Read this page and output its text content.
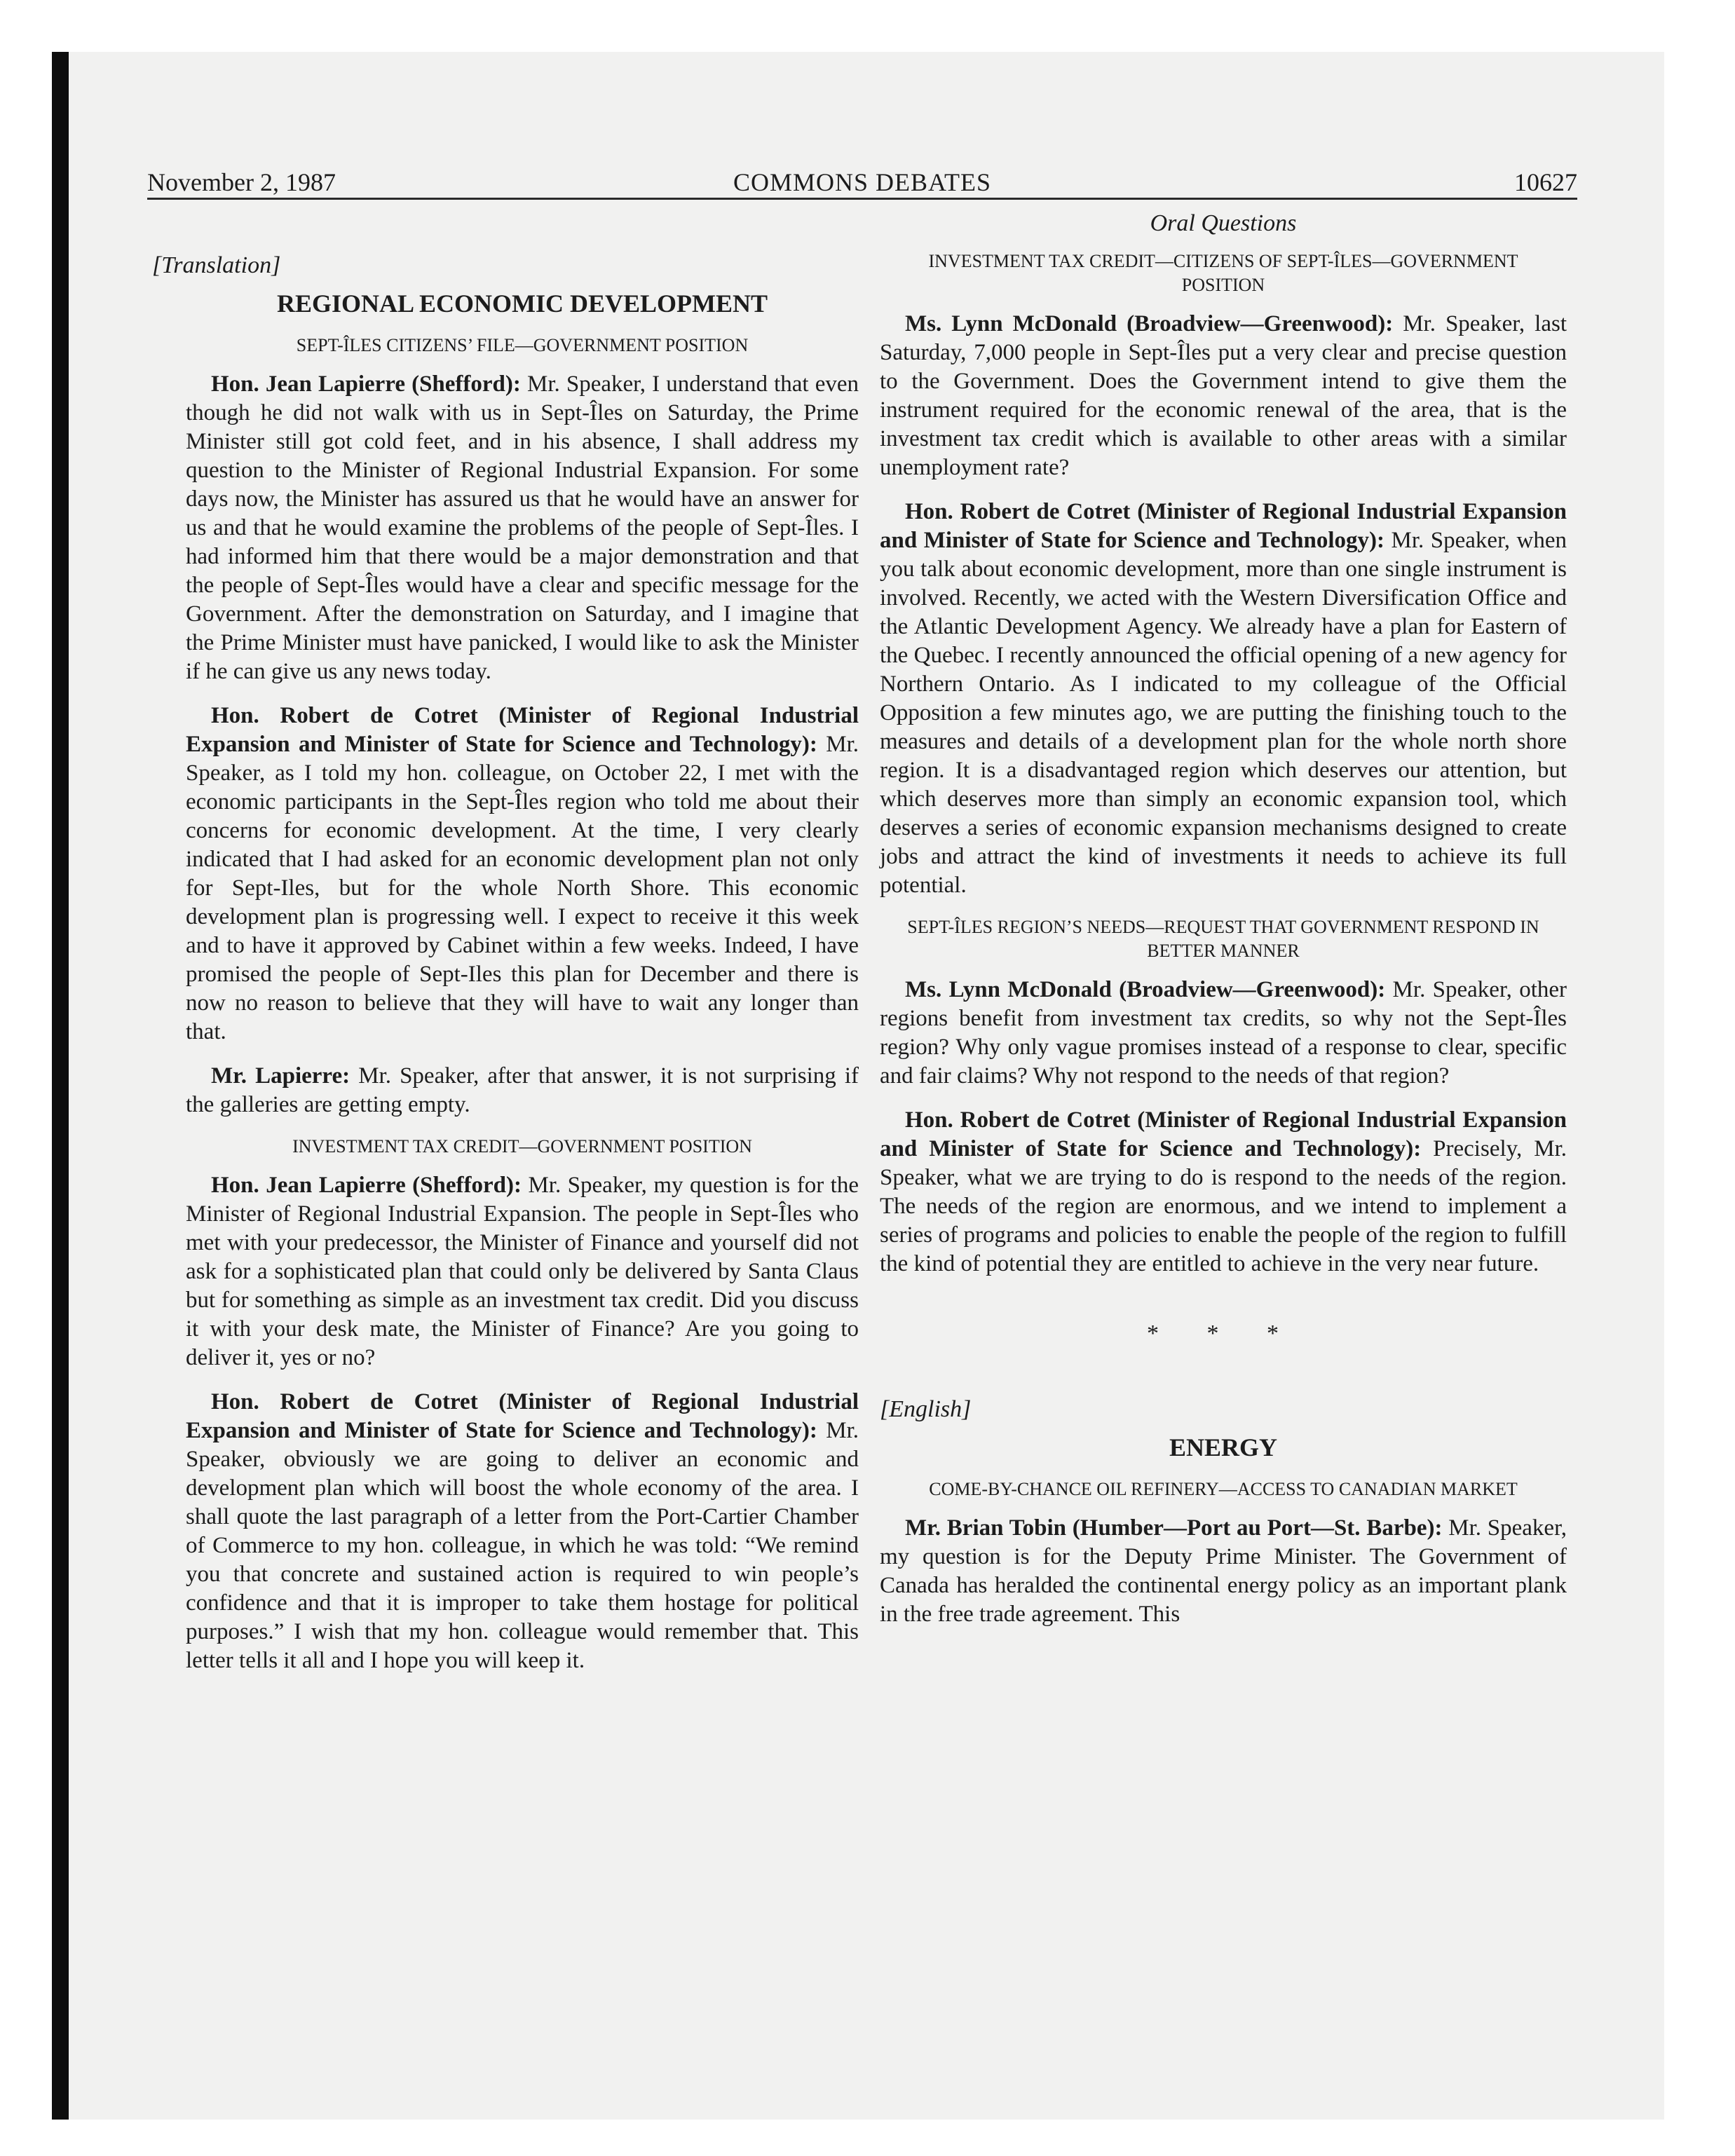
November 2, 1987	COMMONS DEBATES	10627
[Translation]
REGIONAL ECONOMIC DEVELOPMENT
SEPT-ÎLES CITIZENS’ FILE—GOVERNMENT POSITION

Hon. Jean Lapierre (Shefford): Mr. Speaker, I understand that even though he did not walk with us in Sept-Îles on Saturday, the Prime Minister still got cold feet, and in his absence, I shall address my question to the Minister of Regional Industrial Expansion. For some days now, the Minister has assured us that he would have an answer for us and that he would examine the problems of the people of Sept-Îles. I had informed him that there would be a major demonstration and that the people of Sept-Îles would have a clear and specific message for the Government. After the demonstration on Saturday, and I imagine that the Prime Minister must have panicked, I would like to ask the Minister if he can give us any news today.

Hon. Robert de Cotret (Minister of Regional Industrial Expansion and Minister of State for Science and Technology): Mr. Speaker, as I told my hon. colleague, on October 22, I met with the economic participants in the Sept-Îles region who told me about their concerns for economic development. At the time, I very clearly indicated that I had asked for an economic development plan not only for Sept-Iles, but for the whole North Shore. This economic development plan is progressing well. I expect to receive it this week and to have it approved by Cabinet within a few weeks. Indeed, I have promised the people of Sept-Iles this plan for December and there is now no reason to believe that they will have to wait any longer than that.

Mr. Lapierre: Mr. Speaker, after that answer, it is not surprising if the galleries are getting empty.

INVESTMENT TAX CREDIT—GOVERNMENT POSITION

Hon. Jean Lapierre (Shefford): Mr. Speaker, my question is for the Minister of Regional Industrial Expansion. The people in Sept-Îles who met with your predecessor, the Minister of Finance and yourself did not ask for a sophisticated plan that could only be delivered by Santa Claus but for something as simple as an investment tax credit. Did you discuss it with your desk mate, the Minister of Finance? Are you going to deliver it, yes or no?

Hon. Robert de Cotret (Minister of Regional Industrial Expansion and Minister of State for Science and Technology): Mr. Speaker, obviously we are going to deliver an economic and development plan which will boost the whole economy of the area. I shall quote the last paragraph of a letter from the Port-Cartier Chamber of Commerce to my hon. colleague, in which he was told: “We remind you that concrete and sustained action is required to win people’s confidence and that it is improper to take them hostage for political purposes.” I wish that my hon. colleague would remember that. This letter tells it all and I hope you will keep it.

Oral Questions
INVESTMENT TAX CREDIT—CITIZENS OF SEPT-ÎLES—GOVERNMENT POSITION

Ms. Lynn McDonald (Broadview—Greenwood): Mr. Speaker, last Saturday, 7,000 people in Sept-Îles put a very clear and precise question to the Government. Does the Government intend to give them the instrument required for the economic renewal of the area, that is the investment tax credit which is available to other areas with a similar unemployment rate?

Hon. Robert de Cotret (Minister of Regional Industrial Expansion and Minister of State for Science and Technology): Mr. Speaker, when you talk about economic development, more than one single instrument is involved. Recently, we acted with the Western Diversification Office and the Atlantic Development Agency. We already have a plan for Eastern of the Quebec. I recently announced the official opening of a new agency for Northern Ontario. As I indicated to my colleague of the Official Opposition a few minutes ago, we are putting the finishing touch to the measures and details of a development plan for the whole north shore region. It is a disadvantaged region which deserves our attention, but which deserves more than simply an economic expansion tool, which deserves a series of economic expansion mechanisms designed to create jobs and attract the kind of investments it needs to achieve its full potential.

SEPT-ÎLES REGION’S NEEDS—REQUEST THAT GOVERNMENT RESPOND IN BETTER MANNER

Ms. Lynn McDonald (Broadview—Greenwood): Mr. Speaker, other regions benefit from investment tax credits, so why not the Sept-Îles region? Why only vague promises instead of a response to clear, specific and fair claims? Why not respond to the needs of that region?

Hon. Robert de Cotret (Minister of Regional Industrial Expansion and Minister of State for Science and Technology): Precisely, Mr. Speaker, what we are trying to do is respond to the needs of the region. The needs of the region are enormous, and we intend to implement a series of programs and policies to enable the people of the region to fulfill the kind of potential they are entitled to achieve in the very near future.

* * *
[English]
ENERGY
COME-BY-CHANCE OIL REFINERY—ACCESS TO CANADIAN MARKET

Mr. Brian Tobin (Humber—Port au Port—St. Barbe): Mr. Speaker, my question is for the Deputy Prime Minister. The Government of Canada has heralded the continental energy policy as an important plank in the free trade agreement. This
